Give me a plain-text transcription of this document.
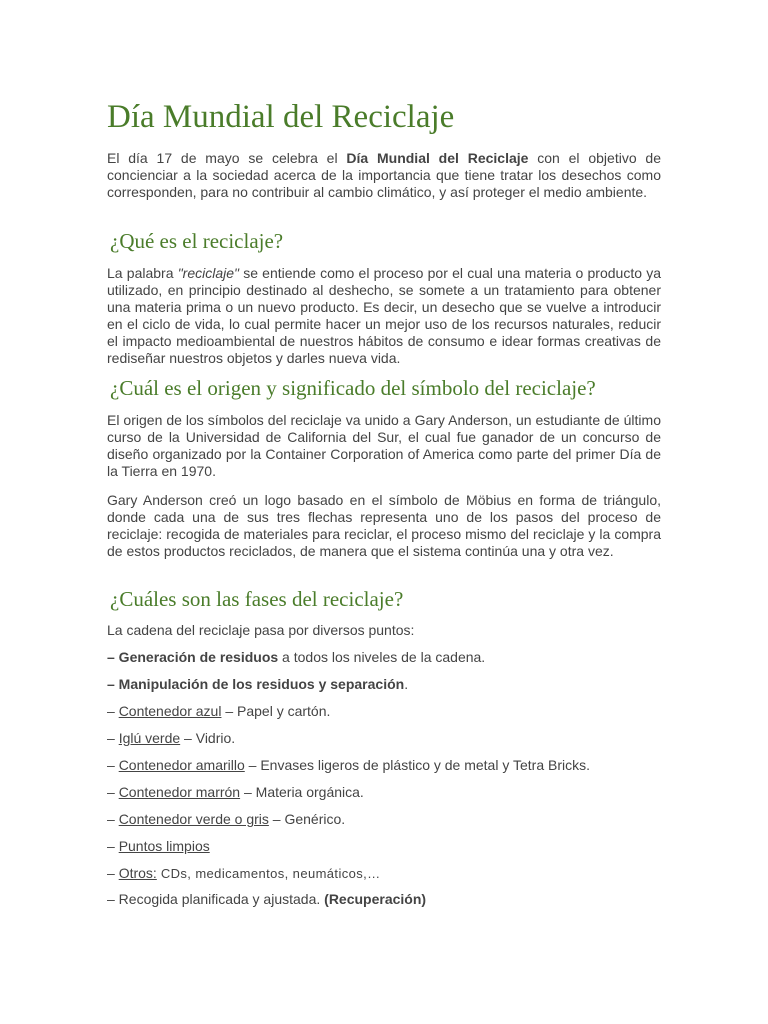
Día Mundial del Reciclaje

El día 17 de mayo se celebra el Día Mundial del Reciclaje con el objetivo de concienciar a la sociedad acerca de la importancia que tiene tratar los desechos como corresponden, para no contribuir al cambio climático, y así proteger el medio ambiente.

¿Qué es el reciclaje?

La palabra "reciclaje" se entiende como el proceso por el cual una materia o producto ya utilizado, en principio destinado al deshecho, se somete a un tratamiento para obtener una materia prima o un nuevo producto. Es decir, un desecho que se vuelve a introducir en el ciclo de vida, lo cual permite hacer un mejor uso de los recursos naturales, reducir el impacto medioambiental de nuestros hábitos de consumo e idear formas creativas de rediseñar nuestros objetos y darles nueva vida.

¿Cuál es el origen y significado del símbolo del reciclaje?

El origen de los símbolos del reciclaje va unido a Gary Anderson, un estudiante de último curso de la Universidad de California del Sur, el cual fue ganador de un concurso de diseño organizado por la Container Corporation of America como parte del primer Día de la Tierra en 1970.

Gary Anderson creó un logo basado en el símbolo de Möbius en forma de triángulo, donde cada una de sus tres flechas representa uno de los pasos del proceso de reciclaje: recogida de materiales para reciclar, el proceso mismo del reciclaje y la compra de estos productos reciclados, de manera que el sistema continúa una y otra vez.

¿Cuáles son las fases del reciclaje?

La cadena del reciclaje pasa por diversos puntos:

– Generación de residuos a todos los niveles de la cadena.

– Manipulación de los residuos y separación.

– Contenedor azul – Papel y cartón.

– Iglú verde – Vidrio.

– Contenedor amarillo – Envases ligeros de plástico y de metal y Tetra Bricks.

– Contenedor marrón – Materia orgánica.

– Contenedor verde o gris – Genérico.

– Puntos limpios

– Otros: CDs, medicamentos, neumáticos,…

– Recogida planificada y ajustada. (Recuperación)
